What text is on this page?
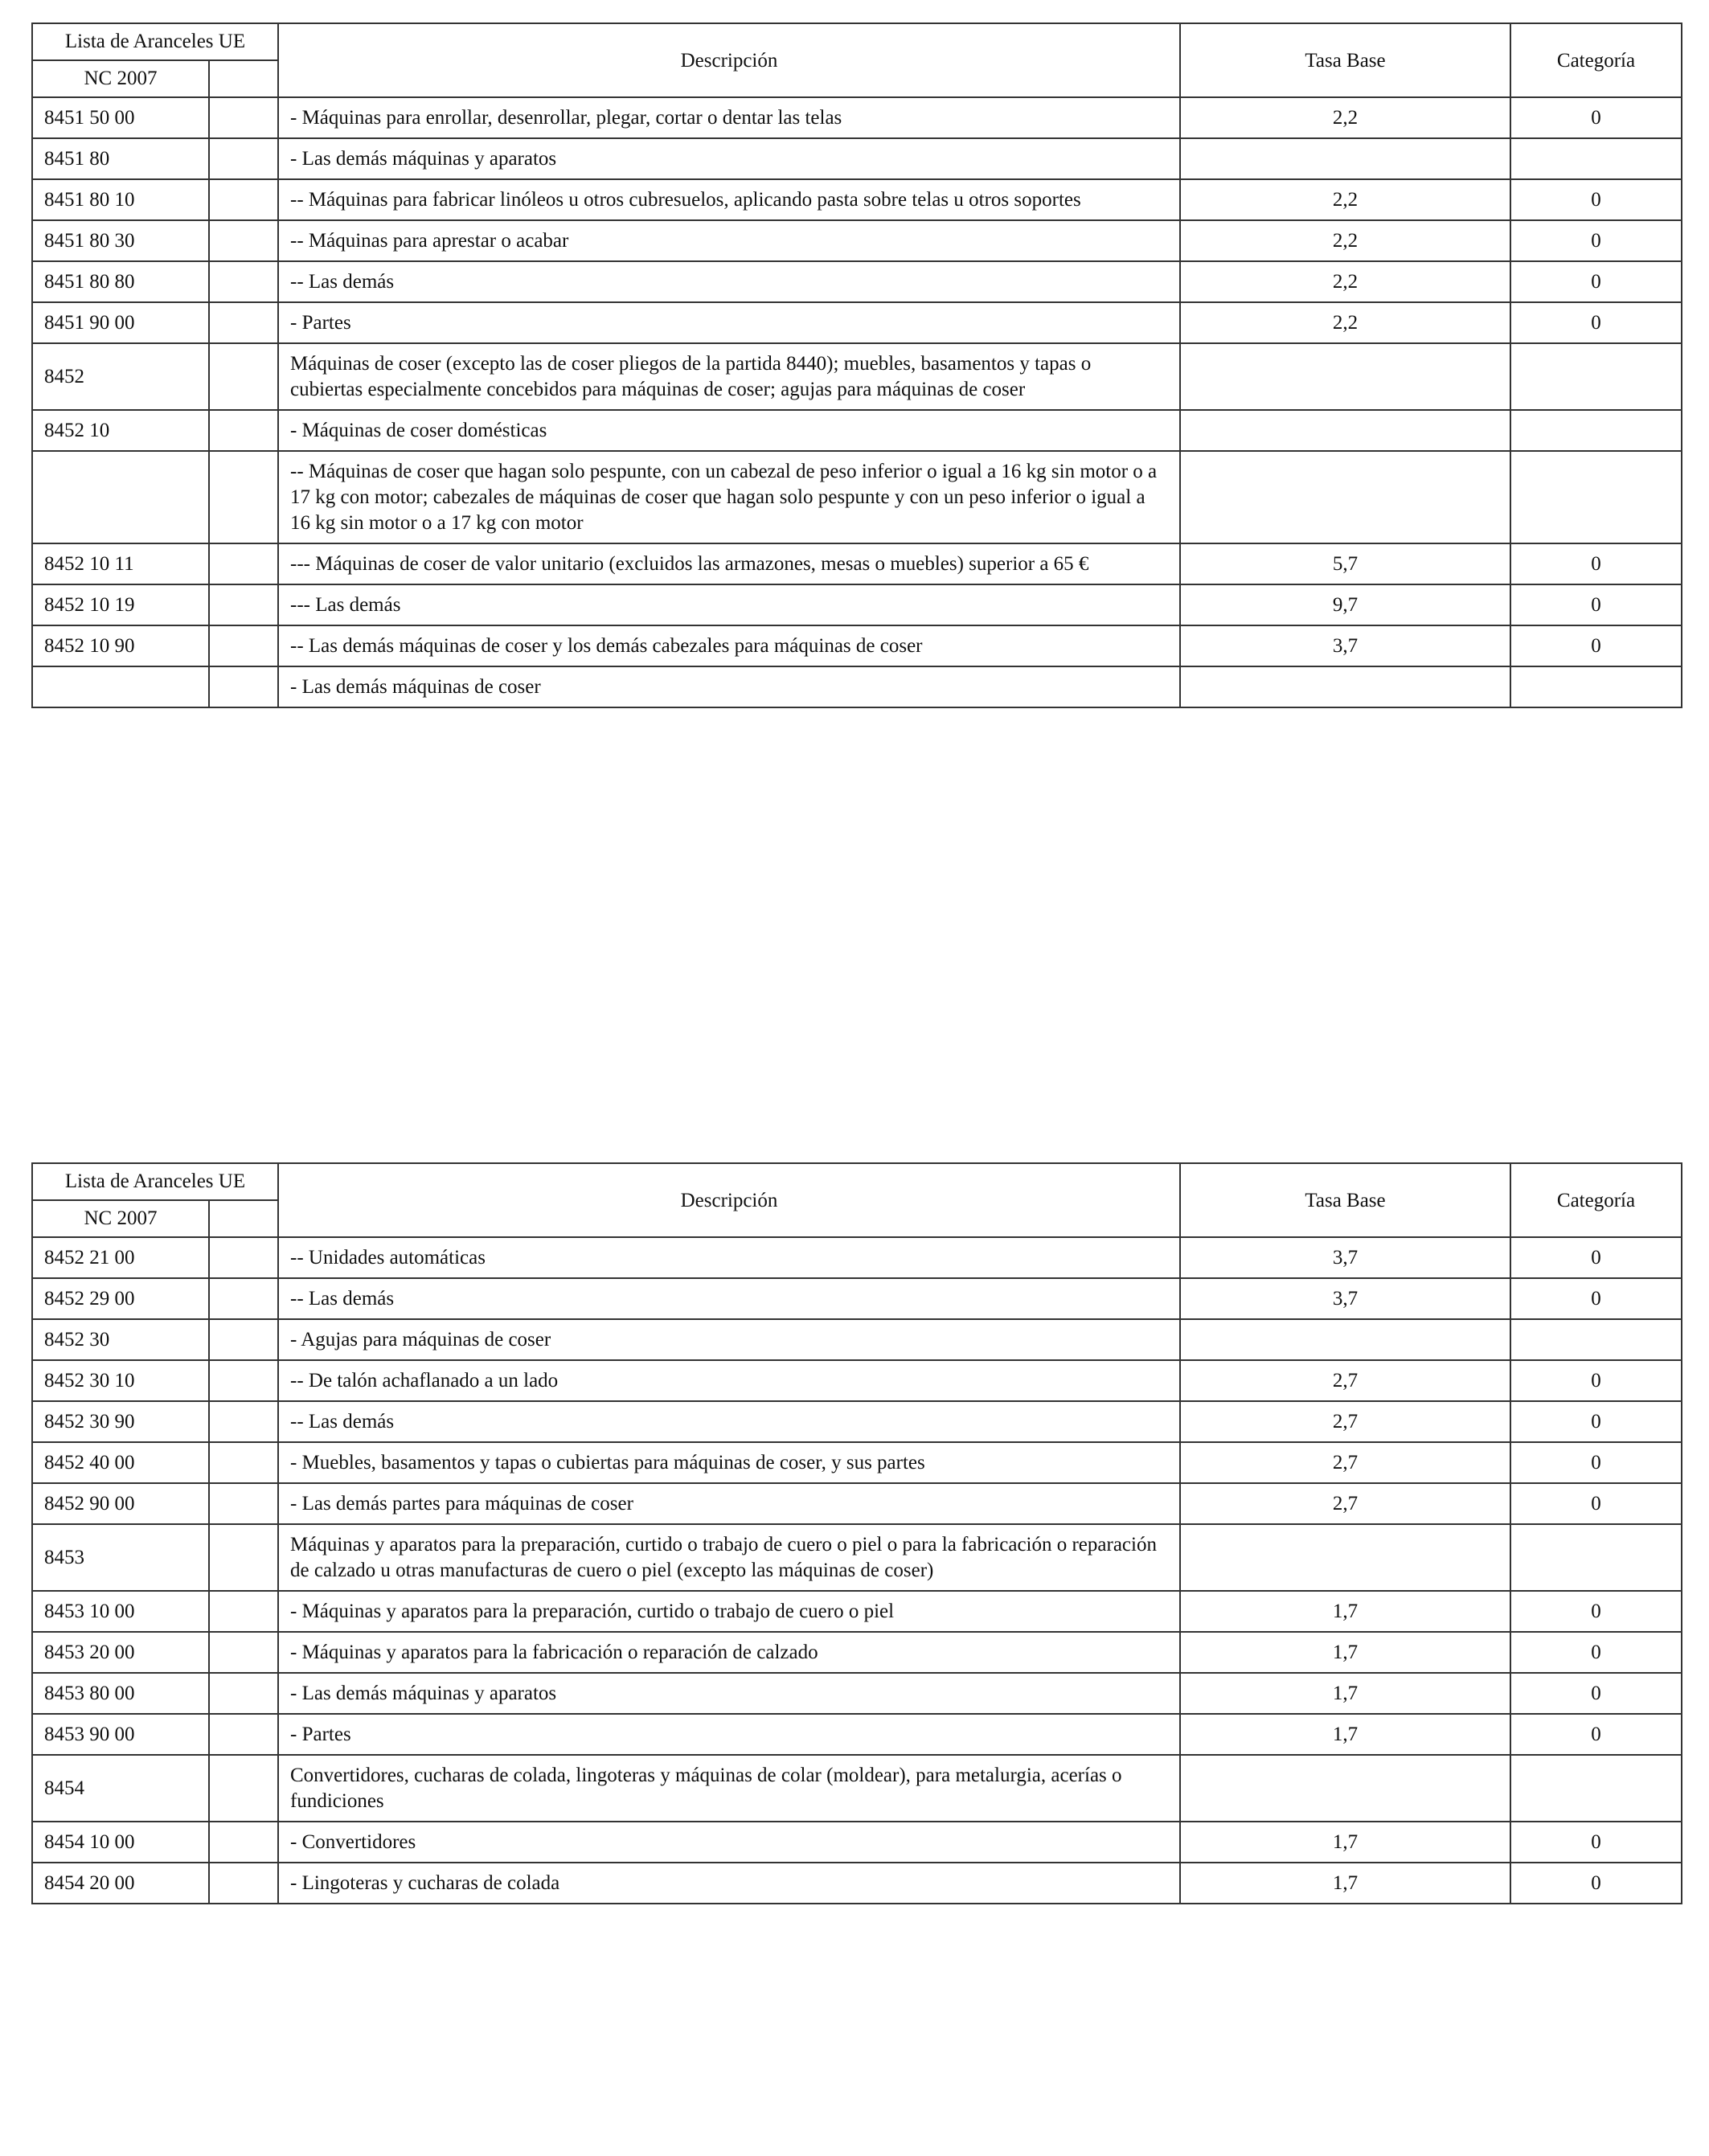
Lista de Aranceles UE		Descripción	Tasa Base	Categoría
NC 2007				
8451 50 00		- Máquinas para enrollar, desenrollar, plegar, cortar o dentar las telas	2,2	0
8451 80		- Las demás máquinas y aparatos		
8451 80 10		-- Máquinas para fabricar linóleos u otros cubresuelos, aplicando pasta sobre telas u otros soportes	2,2	0
8451 80 30		-- Máquinas para aprestar o acabar	2,2	0
8451 80 80		-- Las demás	2,2	0
8451 90 00		- Partes	2,2	0
8452		Máquinas de coser (excepto las de coser pliegos de la partida 8440); muebles, basamentos y tapas o cubiertas especialmente concebidos para máquinas de coser; agujas para máquinas de coser		
8452 10		- Máquinas de coser domésticas		
		-- Máquinas de coser que hagan solo pespunte, con un cabezal de peso inferior o igual a 16 kg sin motor o a 17 kg con motor; cabezales de máquinas de coser que hagan solo pespunte y con un peso inferior o igual a 16 kg sin motor o a 17 kg con motor		
8452 10 11		--- Máquinas de coser de valor unitario (excluidos las armazones, mesas o muebles) superior a 65 €	5,7	0
8452 10 19		--- Las demás	9,7	0
8452 10 90		-- Las demás máquinas de coser y los demás cabezales para máquinas de coser	3,7	0
		- Las demás máquinas de coser		
Lista de Aranceles UE		Descripción	Tasa Base	Categoría
NC 2007				
8452 21 00		-- Unidades automáticas	3,7	0
8452 29 00		-- Las demás	3,7	0
8452 30		- Agujas para máquinas de coser		
8452 30 10		-- De talón achaflanado a un lado	2,7	0
8452 30 90		-- Las demás	2,7	0
8452 40 00		- Muebles, basamentos y tapas o cubiertas para máquinas de coser, y sus partes	2,7	0
8452 90 00		- Las demás partes para máquinas de coser	2,7	0
8453		Máquinas y aparatos para la preparación, curtido o trabajo de cuero o piel o para la fabricación o reparación de calzado u otras manufacturas de cuero o piel (excepto las máquinas de coser)		
8453 10 00		- Máquinas y aparatos para la preparación, curtido o trabajo de cuero o piel	1,7	0
8453 20 00		- Máquinas y aparatos para la fabricación o reparación de calzado	1,7	0
8453 80 00		- Las demás máquinas y aparatos	1,7	0
8453 90 00		- Partes	1,7	0
8454		Convertidores, cucharas de colada, lingoteras y máquinas de colar (moldear), para metalurgia, acerías o fundiciones		
8454 10 00		- Convertidores	1,7	0
8454 20 00		- Lingoteras y cucharas de colada	1,7	0
